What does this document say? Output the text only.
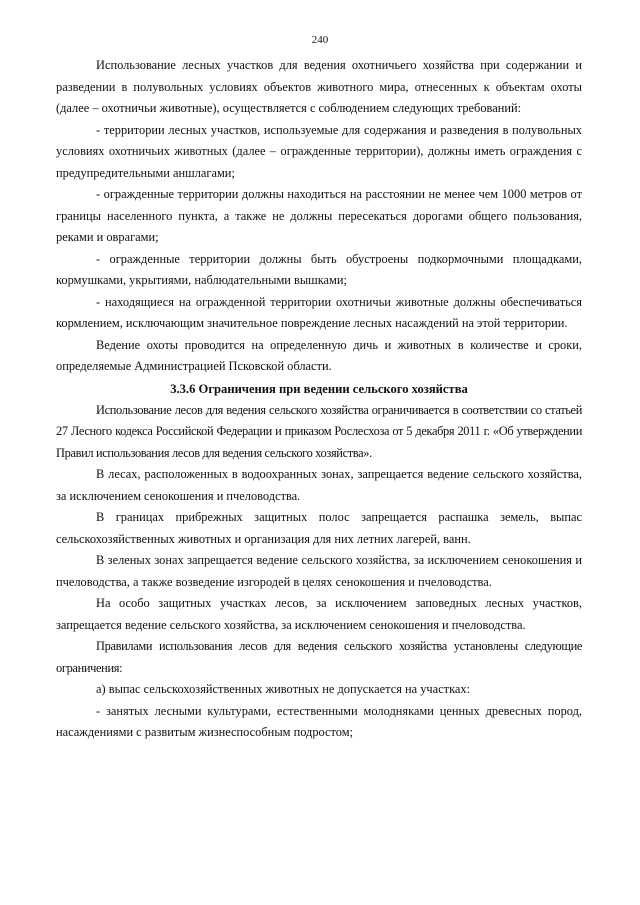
240

Использование лесных участков для ведения охотничьего хозяйства при содержании и разведении в полувольных условиях объектов животного мира, отнесенных к объектам охоты (далее – охотничьи животные), осуществляется с соблюдением следующих требований:

- территории лесных участков, используемые для содержания и разведения в полувольных условиях охотничьих животных (далее – огражденные территории), должны иметь ограждения с предупредительными аншлагами;

- огражденные территории должны находиться на расстоянии не менее чем 1000 метров от границы населенного пункта, а также не должны пересекаться дорогами общего пользования, реками и оврагами;

- огражденные территории должны быть обустроены подкормочными площадками, кормушками, укрытиями, наблюдательными вышками;

- находящиеся на огражденной территории охотничьи животные должны обеспечиваться кормлением, исключающим значительное повреждение лесных насаждений на этой территории.

Ведение охоты проводится на определенную дичь и животных в количестве и сроки, определяемые Администрацией Псковской области.

3.3.6 Ограничения при ведении сельского хозяйства

Использование лесов для ведения сельского хозяйства ограничивается в соответствии со статьей 27 Лесного кодекса Российской Федерации и приказом Рослесхоза от 5 декабря 2011 г. «Об утверждении Правил использования лесов для ведения сельского хозяйства».

В лесах, расположенных в водоохранных зонах, запрещается ведение сельского хозяйства, за исключением сенокошения и пчеловодства.

В границах прибрежных защитных полос запрещается распашка земель, выпас сельскохозяйственных животных и организация для них летних лагерей, ванн.

В зеленых зонах запрещается ведение сельского хозяйства, за исключением сенокошения и пчеловодства, а также возведение изгородей в целях сенокошения и пчеловодства.

На особо защитных участках лесов, за исключением заповедных лесных участков, запрещается ведение сельского хозяйства, за исключением сенокошения и пчеловодства.

Правилами использования лесов для ведения сельского хозяйства установлены следующие ограничения:

а) выпас сельскохозяйственных животных не допускается на участках:

- занятых лесными культурами, естественными молодняками ценных древесных пород, насаждениями с развитым жизнеспособным подростом;
